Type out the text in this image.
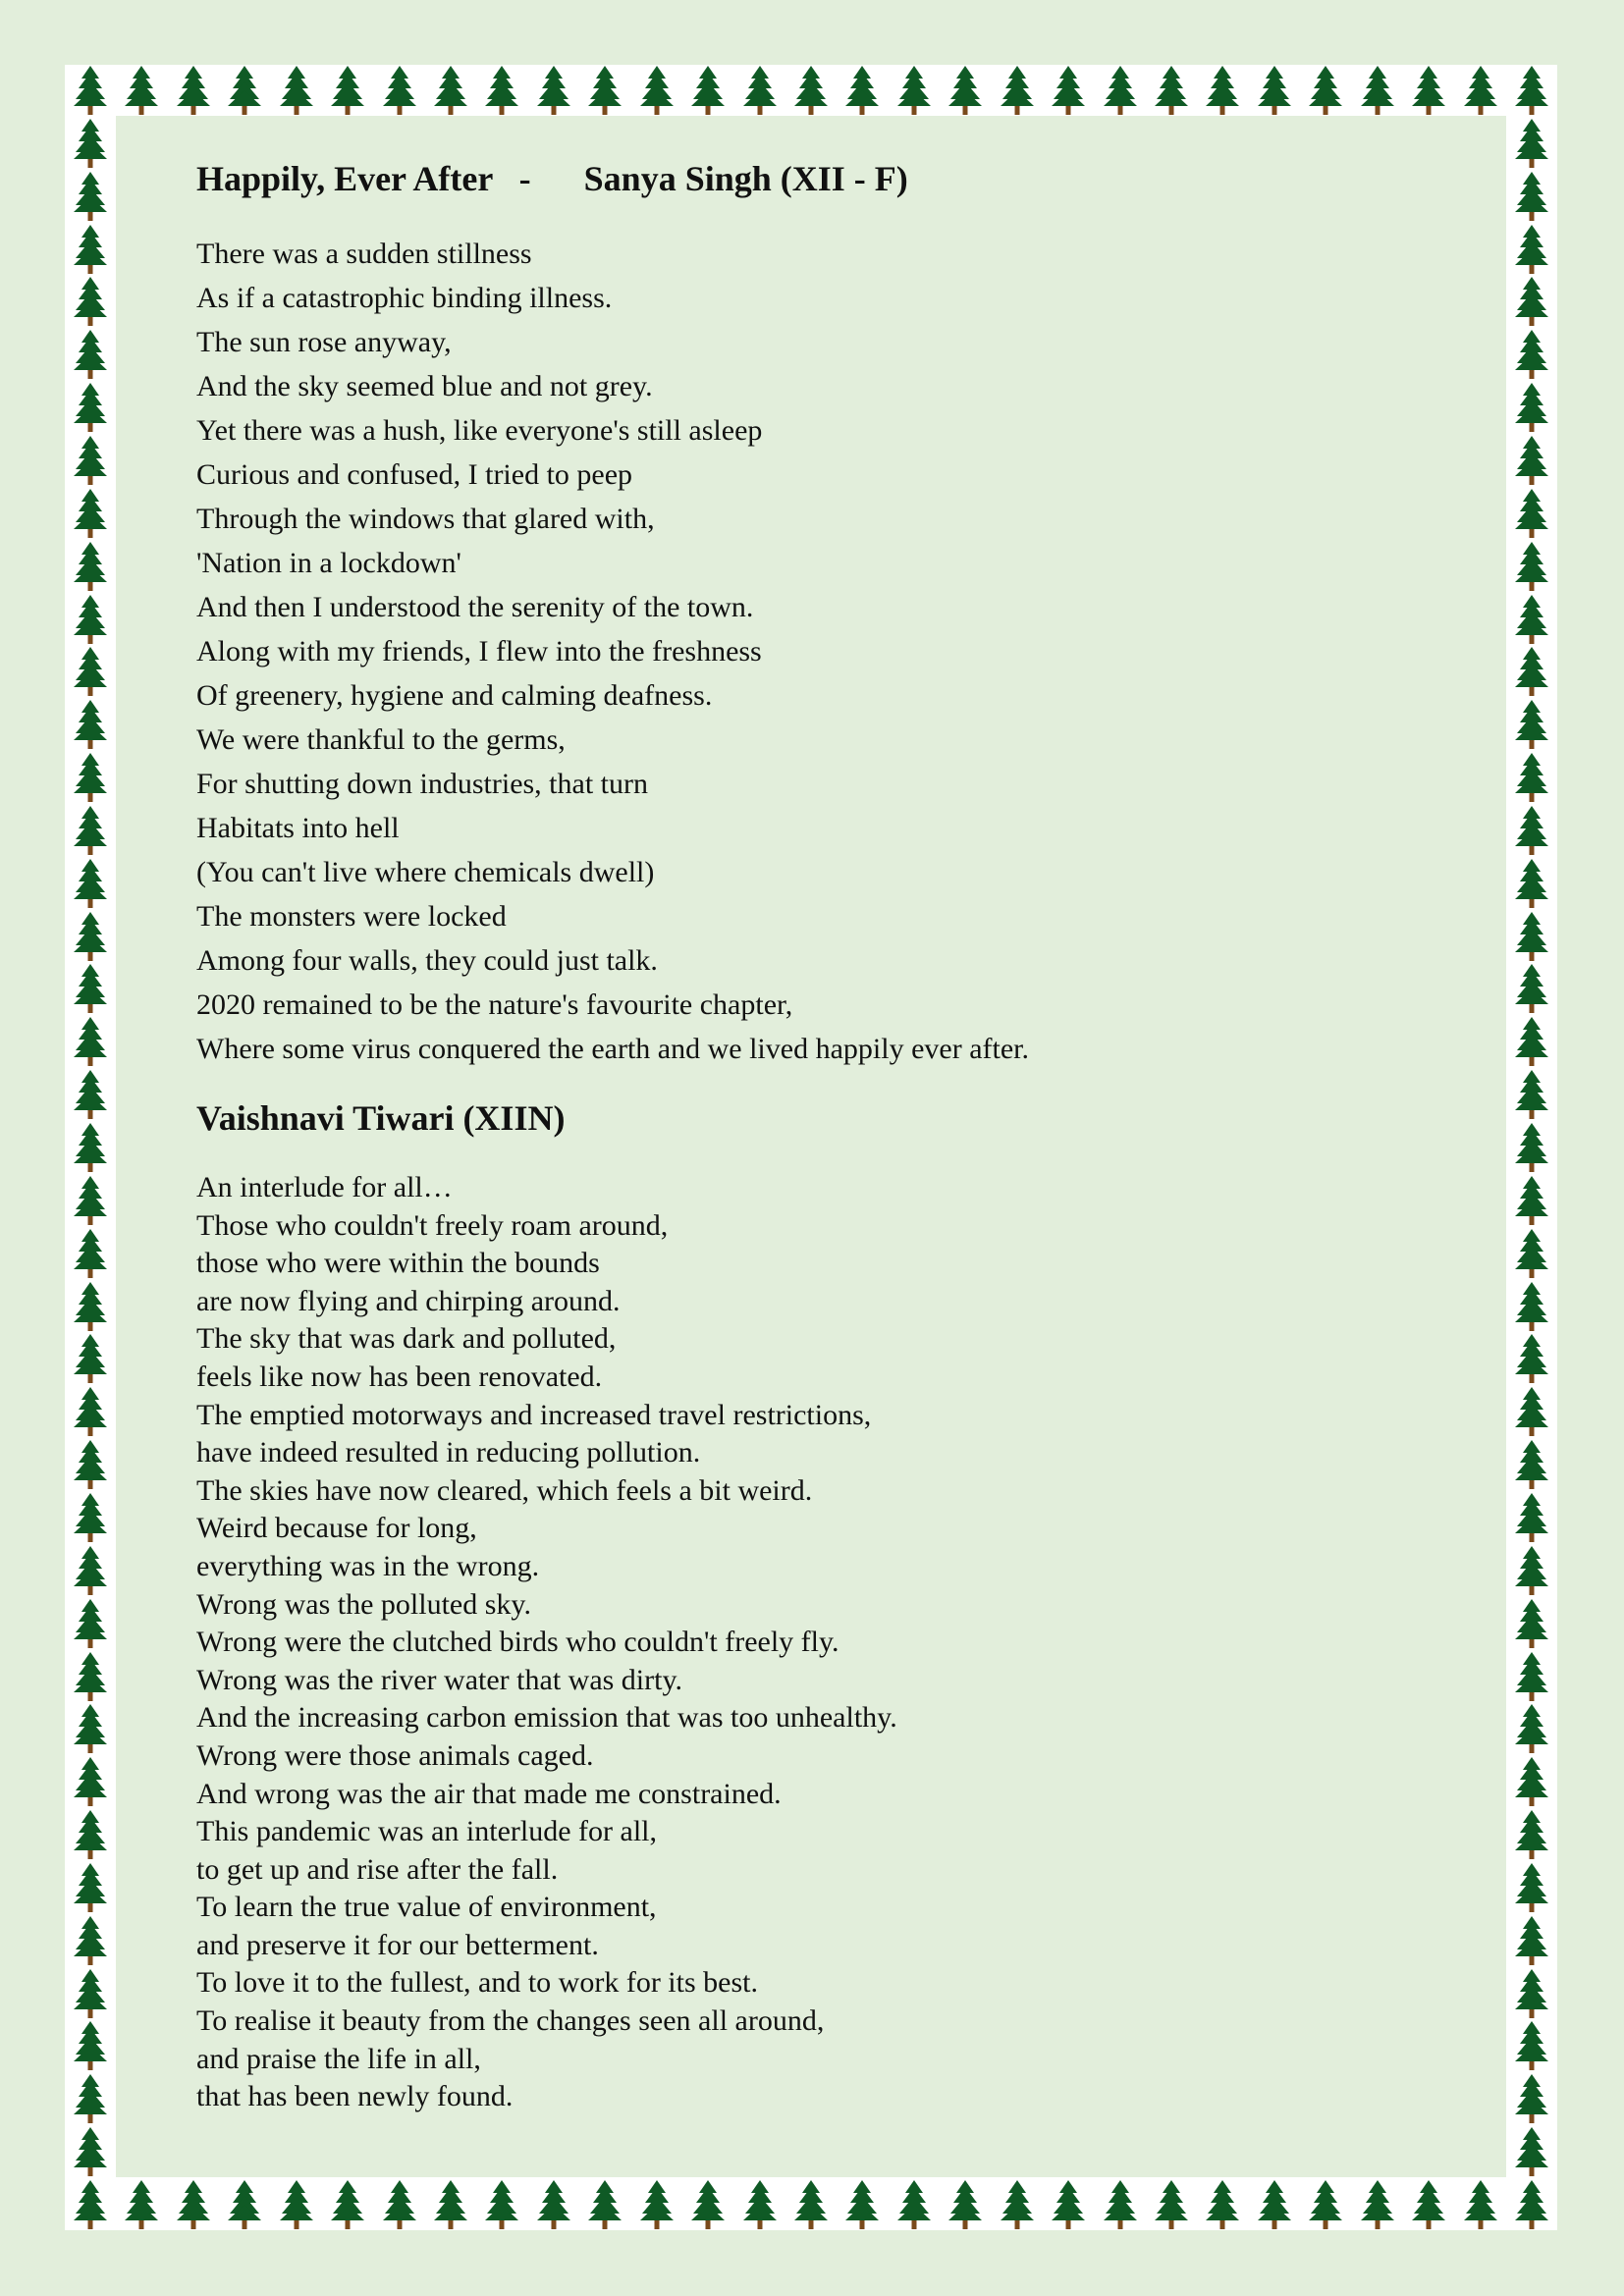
Happily, Ever After   -      Sanya Singh (XII - F)
There was a sudden stillness
As if a catastrophic binding illness.
The sun rose anyway,
And the sky seemed blue and not grey.
Yet there was a hush, like everyone's still asleep
Curious and confused, I tried to peep
Through the windows that glared with,
'Nation in a lockdown'
And then I understood the serenity of the town.
Along with my friends, I flew into the freshness
Of greenery, hygiene and calming deafness.
We were thankful to the germs,
For shutting down industries, that turn
Habitats into hell
(You can't live where chemicals dwell)
The monsters were locked
Among four walls, they could just talk.
2020 remained to be the nature's favourite chapter,
Where some virus conquered the earth and we lived happily ever after.
Vaishnavi Tiwari (XIIN)
An interlude for all…
Those who couldn't freely roam around,
those who were within the bounds
are now flying and chirping around.
The sky that was dark and polluted,
feels like now has been renovated.
The emptied motorways and increased travel restrictions,
have indeed resulted in reducing pollution.
The skies have now cleared, which feels a bit weird.
Weird because for long,
everything was in the wrong.
Wrong was the polluted sky.
Wrong were the clutched birds who couldn't freely fly.
Wrong was the river water that was dirty.
And the increasing carbon emission that was too unhealthy.
Wrong were those animals caged.
And wrong was the air that made me constrained.
This pandemic was an interlude for all,
to get up and rise after the fall.
To learn the true value of environment,
and preserve it for our betterment.
To love it to the fullest, and to work for its best.
To realise it beauty from the changes seen all around,
and praise the life in all,
that has been newly found.
